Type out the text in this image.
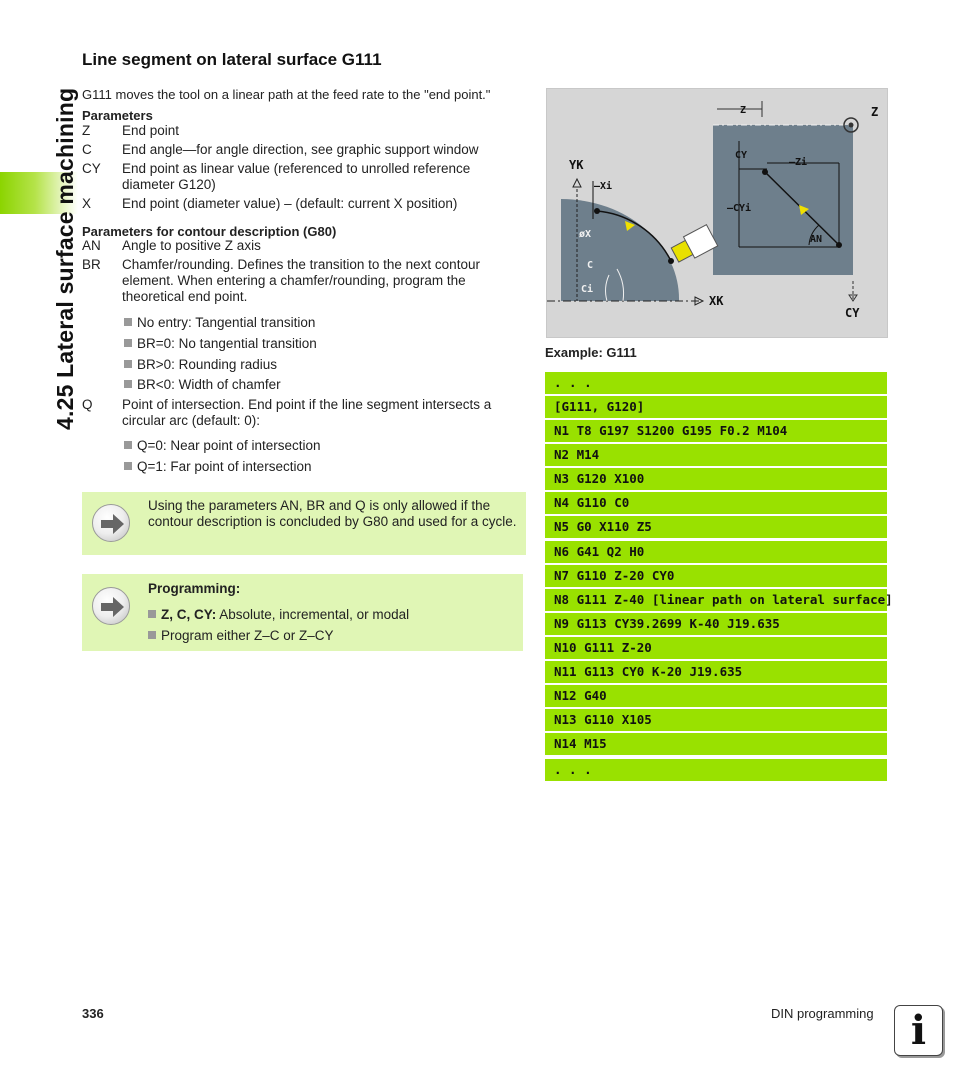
4.25 Lateral surface machining
Line segment on lateral surface G111
G111 moves the tool on a linear path at the feed rate to the "end point."
Parameters
Z	End point
C	End angle—for angle direction, see graphic support window
CY	End point as linear value (referenced to unrolled reference diameter G120)
X	End point (diameter value) – (default: current X position)
Parameters for contour description (G80)
AN	Angle to positive Z axis
BR	Chamfer/rounding. Defines the transition to the next contour element. When entering a chamfer/rounding, program the theoretical end point.
No entry: Tangential transition
BR=0: No tangential transition
BR>0: Rounding radius
BR<0: Width of chamfer
Q	Point of intersection. End point if the line segment intersects a circular arc (default: 0):
Q=0: Near point of intersection
Q=1: Far point of intersection
Using the parameters AN, BR and Q is only allowed if the contour description is concluded by G80 and used for a cycle.
Programming:
Z, C, CY: Absolute, incremental, or modal
Program either Z–C or Z–CY
Z	Z
CY
–Zi
–CYi
AN
CY
YK
–Xi
øX
C
Ci
XK
Example: G111
. . .
[G111, G120]
N1 T8 G197 S1200 G195 F0.2 M104
N2 M14
N3 G120 X100
N4 G110 C0
N5 G0 X110 Z5
N6 G41 Q2 H0
N7 G110 Z-20 CY0
N8 G111 Z-40 [linear path on lateral surface]
N9 G113 CY39.2699 K-40 J19.635
N10 G111 Z-20
N11 G113 CY0 K-20 J19.635
N12 G40
N13 G110 X105
N14 M15
. . .
336	DIN programming i
